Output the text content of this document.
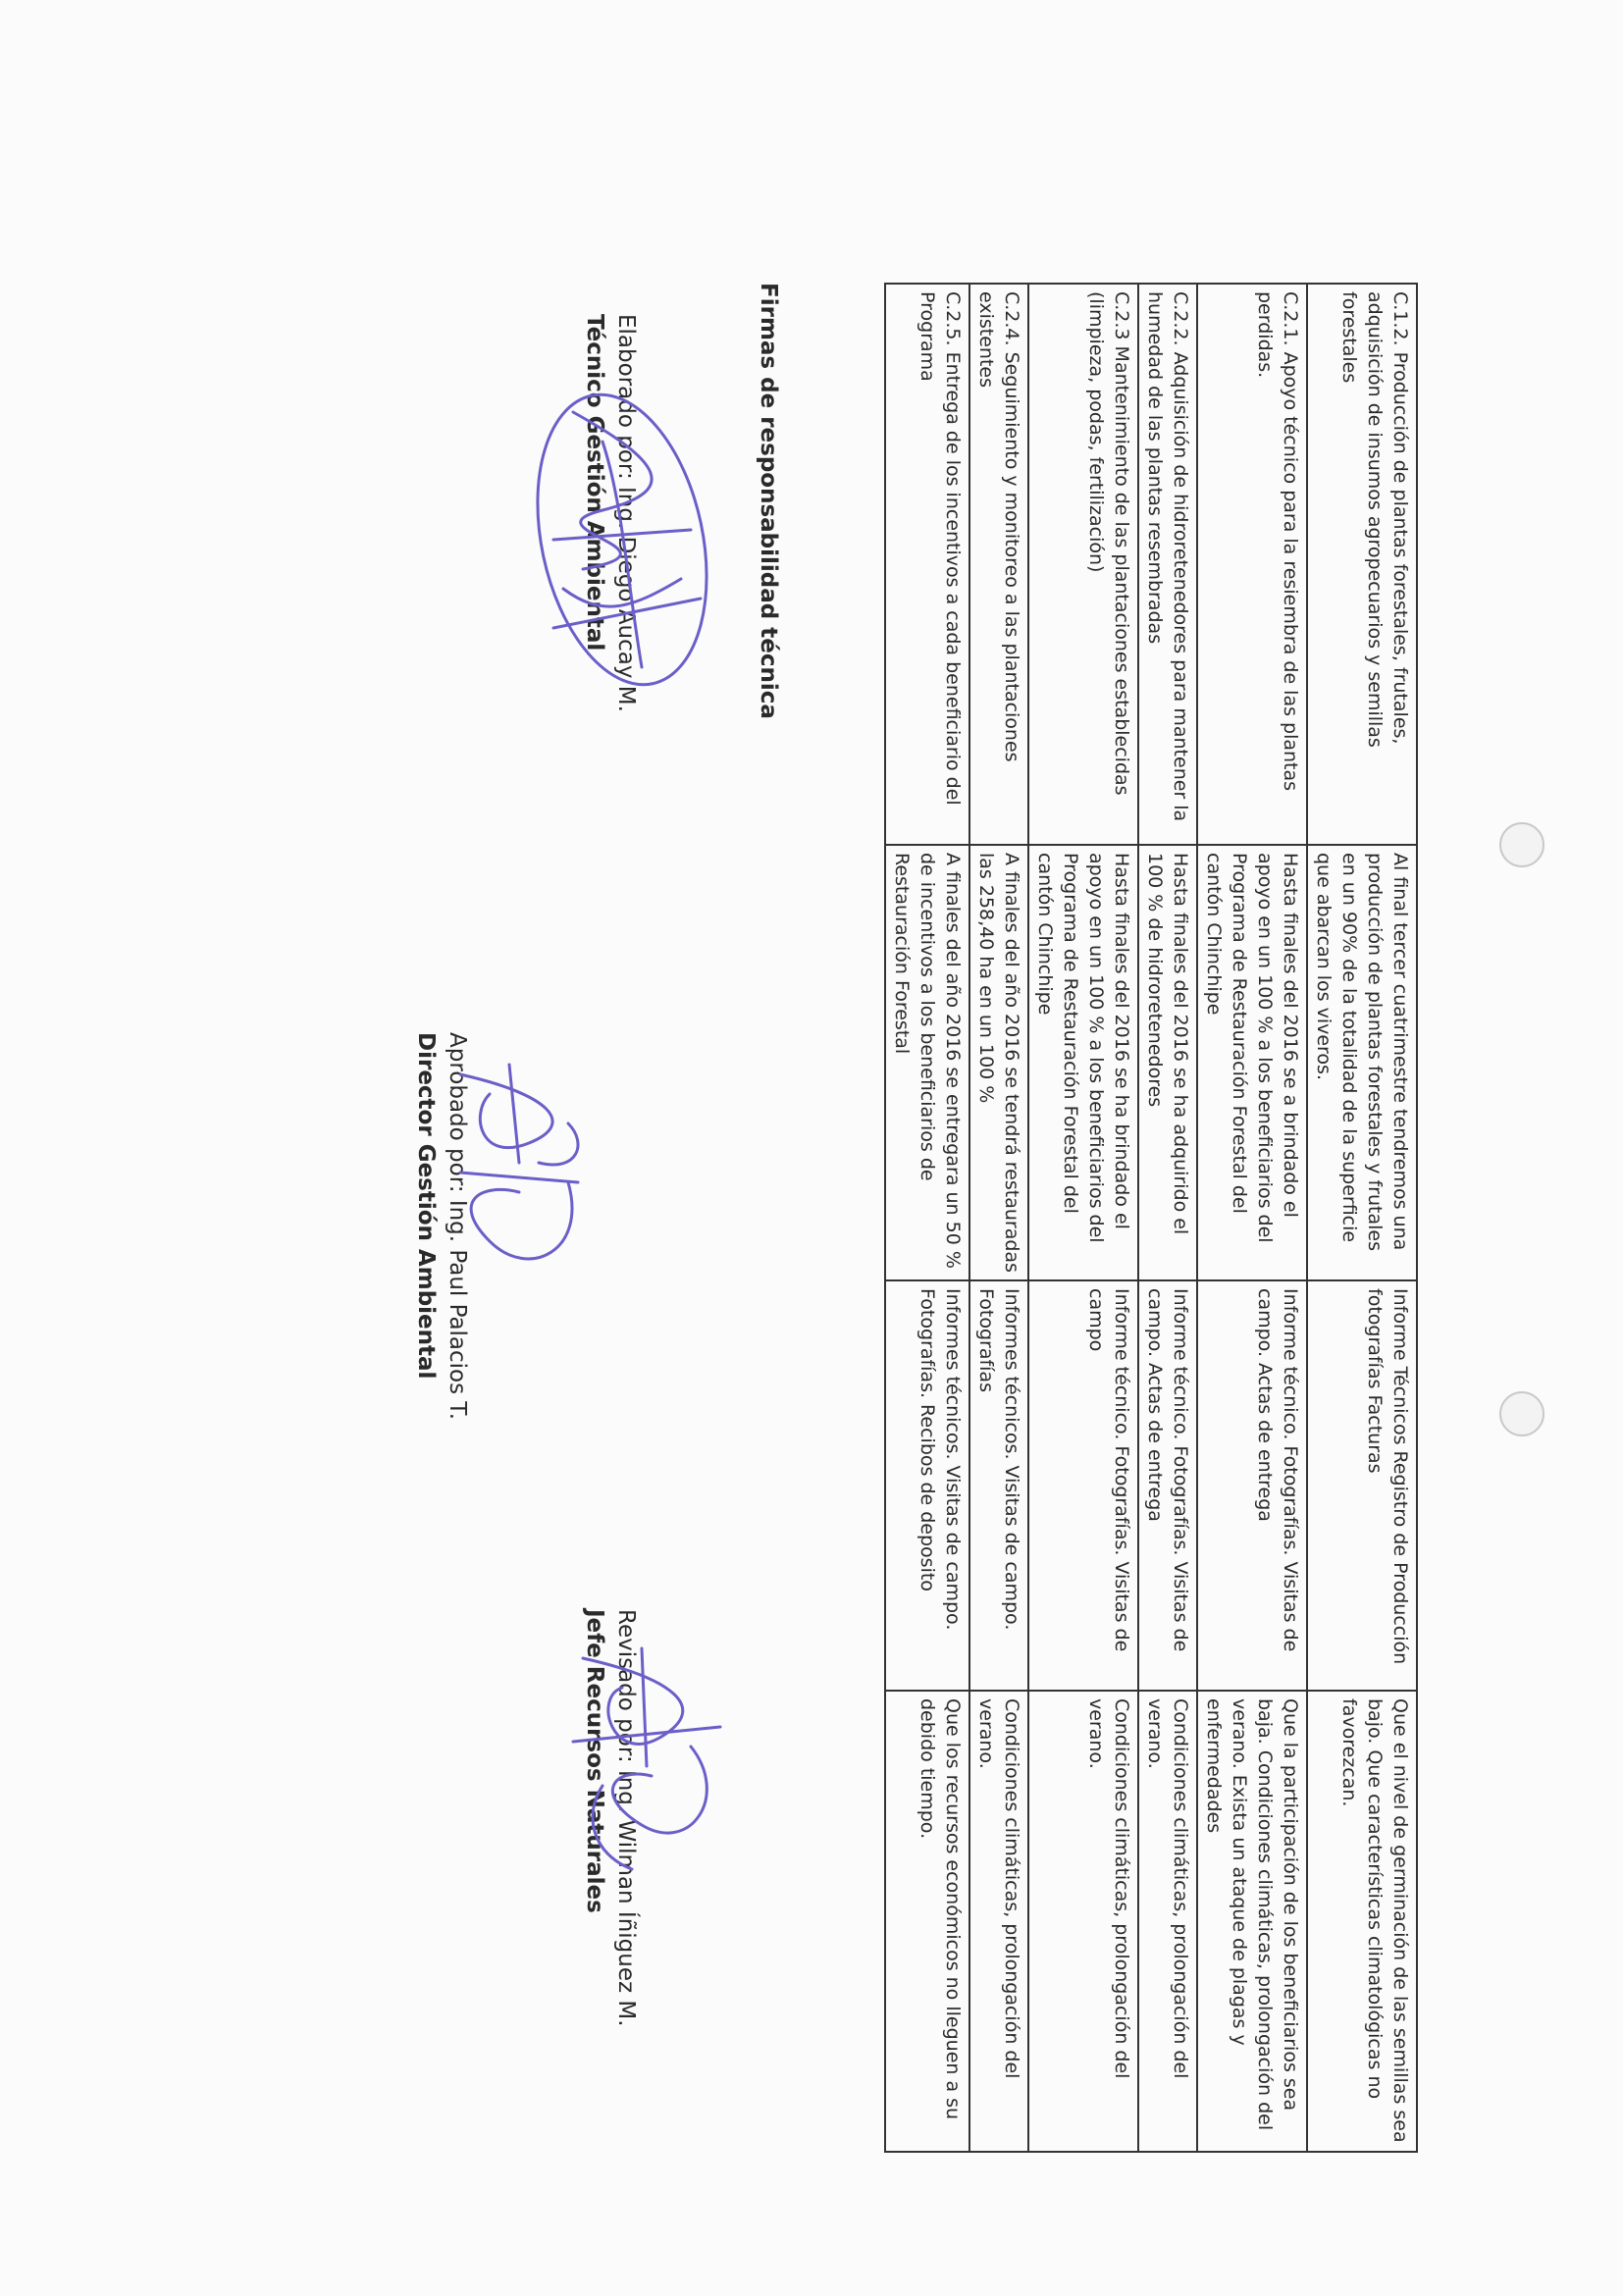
C.1.2. Producción de plantas forestales, frutales, adquisición de insumos agropecuarios y semillas forestales	Al final tercer cuatrimestre tendremos una producción de plantas forestales y frutales en un 90% de la totalidad de la superficie que abarcan los viveros.	Informe Técnicos Registro de Producción fotografías Facturas	Que el nivel de germinación de las semillas sea bajo. Que características climatológicas no favorezcan.
C.2.1. Apoyo técnico para la resiembra de las plantas perdidas.	Hasta finales del 2016 se a brindado el apoyo en un 100 % a los beneficiarios del Programa de Restauración Forestal del cantón Chinchipe	Informe técnico. Fotografías. Visitas de campo. Actas de entrega	Que la participación de los beneficiarios sea baja. Condiciones climáticas, prolongación del verano. Exista un ataque de plagas y enfermedades
C.2.2. Adquisición de hidroretenedores para mantener la humedad de las plantas resembradas	Hasta finales del 2016 se ha adquirido el 100 % de hidroretenedores	Informe técnico. Fotografías. Visitas de campo. Actas de entrega	Condiciones climáticas, prolongación del verano.
C.2.3 Mantenimiento de las plantaciones establecidas (limpieza, podas, fertilización)	Hasta finales del 2016 se ha brindado el apoyo en un 100 % a los beneficiarios del Programa de Restauración Forestal del cantón Chinchipe	Informe técnico. Fotografías. Visitas de campo	Condiciones climáticas, prolongación del verano.
C.2.4. Seguimiento y monitoreo a las plantaciones existentes	A finales del año 2016 se tendrá restauradas las 258,40 ha en un 100 %	Informes técnicos. Visitas de campo. Fotografías	Condiciones climáticas, prolongación del verano.
C.2.5. Entrega de los incentivos a cada beneficiario del Programa	A finales del año 2016 se entregara un 50 % de incentivos a los beneficiarios de Restauración Forestal	Informes técnicos. Visitas de campo. Fotografías. Recibos de deposito	Que los recursos económicos no lleguen a su debido tiempo.
Firmas de responsabilidad técnica
Elaborado por: Ing. Diego Aucay M.
Técnico Gestión Ambiental
Aprobado por: Ing. Paul Palacios T.
Director Gestión Ambiental
Revisado por: Ing. Wilman Íñiguez M.
Jefe Recursos Naturales
